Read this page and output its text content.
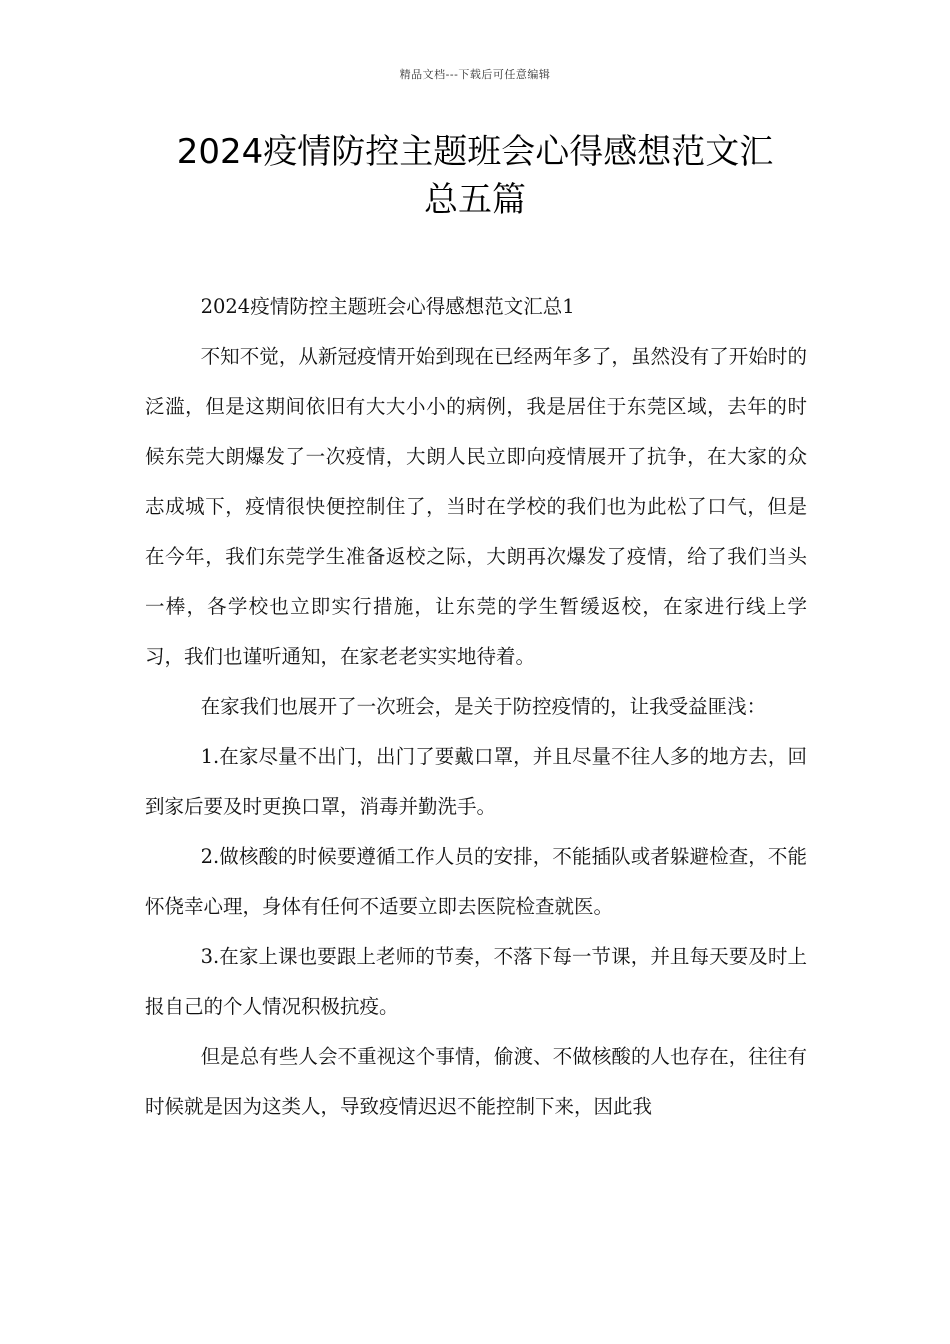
精品文档---下载后可任意编辑
2024疫情防控主题班会心得感想范文汇
总五篇

2024疫情防控主题班会心得感想范文汇总1

不知不觉，从新冠疫情开始到现在已经两年多了，虽然没有了开始时的泛滥，但是这期间依旧有大大小小的病例，我是居住于东莞区域，去年的时候东莞大朗爆发了一次疫情，大朗人民立即向疫情展开了抗争，在大家的众志成城下，疫情很快便控制住了，当时在学校的我们也为此松了口气，但是在今年，我们东莞学生准备返校之际，大朗再次爆发了疫情，给了我们当头一棒，各学校也立即实行措施，让东莞的学生暂缓返校，在家进行线上学习，我们也谨听通知，在家老老实实地待着。

在家我们也展开了一次班会，是关于防控疫情的，让我受益匪浅：

1.在家尽量不出门，出门了要戴口罩，并且尽量不往人多的地方去，回到家后要及时更换口罩，消毒并勤洗手。

2.做核酸的时候要遵循工作人员的安排，不能插队或者躲避检查，不能怀侥幸心理，身体有任何不适要立即去医院检查就医。

3.在家上课也要跟上老师的节奏，不落下每一节课，并且每天要及时上报自己的个人情况积极抗疫。

但是总有些人会不重视这个事情，偷渡、不做核酸的人也存在，往往有时候就是因为这类人，导致疫情迟迟不能控制下来，因此我
